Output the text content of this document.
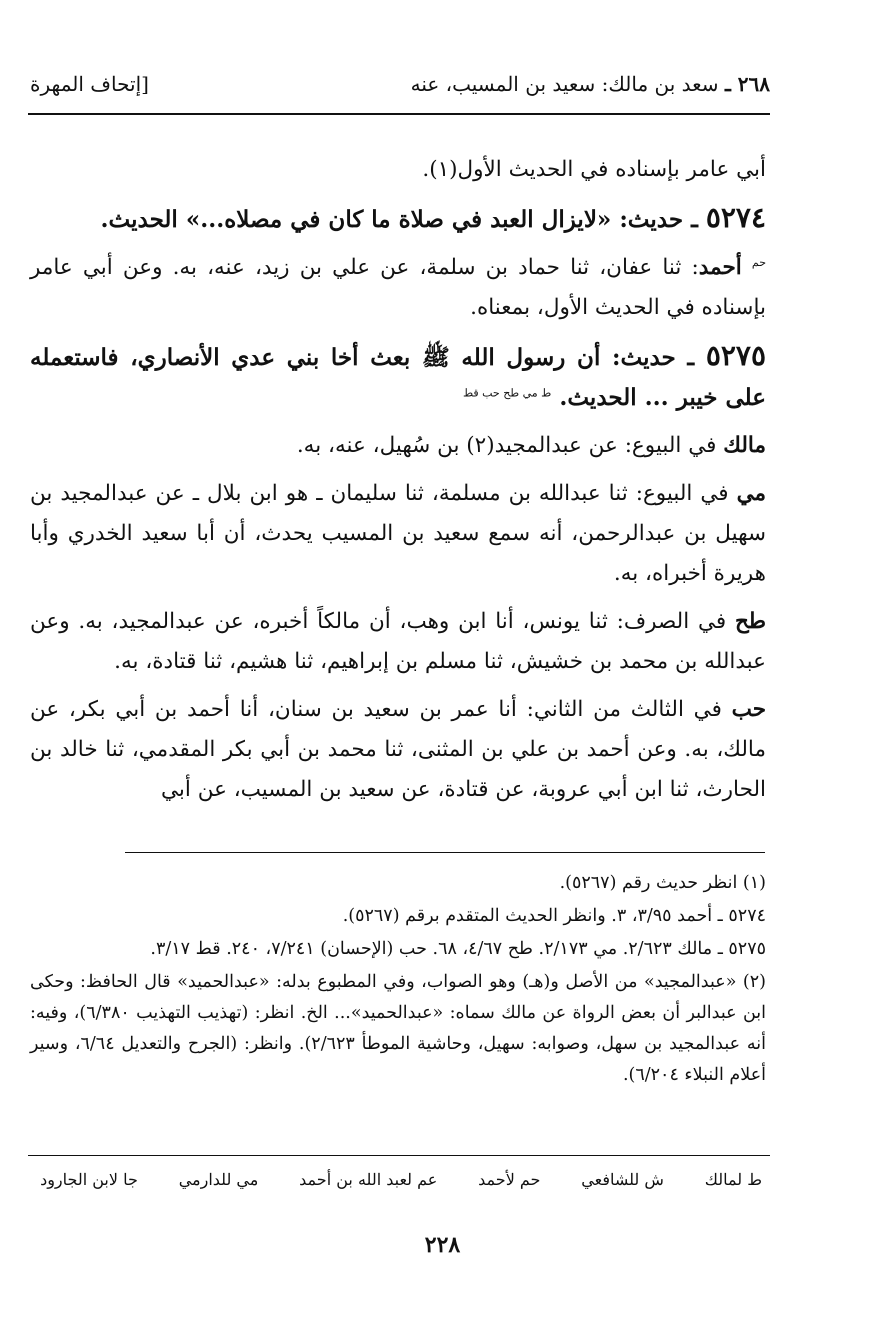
٢٦٨ ـ سعد بن مالك: سعيد بن المسيب، عنه
[إتحاف المهرة

أبي عامر بإسناده في الحديث الأول(١).

٥٢٧٤ ـ حديث: «لايزال العبد في صلاة ما كان في مصلاه...» الحديث.

$^{حم}$ أحمد: ثنا عفان، ثنا حماد بن سلمة، عن علي بن زيد، عنه، به. وعن أبي عامر بإسناده في الحديث الأول، بمعناه.

٥٢٧٥ ـ حديث: أن رسول الله ﷺ بعث أخا بني عدي الأنصاري، فاستعمله على خيبر ... الحديث. $^{ط مي طح حب قط}$

مالك في البيوع: عن عبدالمجيد(٢) بن سُهيل، عنه، به.

مي في البيوع: ثنا عبدالله بن مسلمة، ثنا سليمان ـ هو ابن بلال ـ عن عبدالمجيد بن سهيل بن عبدالرحمن، أنه سمع سعيد بن المسيب يحدث، أن أبا سعيد الخدري وأبا هريرة أخبراه، به.

طح في الصرف: ثنا يونس، أنا ابن وهب، أن مالكاً أخبره، عن عبدالمجيد، به. وعن عبدالله بن محمد بن خشيش، ثنا مسلم بن إبراهيم، ثنا هشيم، ثنا قتادة، به.

حب في الثالث من الثاني: أنا عمر بن سعيد بن سنان، أنا أحمد بن أبي بكر، عن مالك، به. وعن أحمد بن علي بن المثنى، ثنا محمد بن أبي بكر المقدمي، ثنا خالد بن الحارث، ثنا ابن أبي عروبة، عن قتادة، عن سعيد بن المسيب، عن أبي

(١) انظر حديث رقم (٥٢٦٧).

٥٢٧٤ ـ أحمد ٣/٩٥، ٣. وانظر الحديث المتقدم برقم (٥٢٦٧).

٥٢٧٥ ـ مالك ٢/٦٢٣. مي ٢/١٧٣. طح ٤/٦٧، ٦٨. حب (الإحسان) ٧/٢٤١، ٢٤٠. قط ٣/١٧.

(٢) «عبدالمجيد» من الأصل و(هـ) وهو الصواب، وفي المطبوع بدله: «عبدالحميد» قال الحافظ: وحكى ابن عبدالبر أن بعض الرواة عن مالك سماه: «عبدالحميد»... الخ. انظر: (تهذيب التهذيب ٦/٣٨٠)، وفيه: أنه عبدالمجيد بن سهل، وصوابه: سهيل، وحاشية الموطأ ٢/٦٢٣). وانظر: (الجرح والتعديل ٦/٦٤، وسير أعلام النبلاء ٦/٢٠٤).

ط لمالك
ش للشافعي
حم لأحمد
عم لعبد الله بن أحمد
مي للدارمي
جا لابن الجارود
٢٢٨
